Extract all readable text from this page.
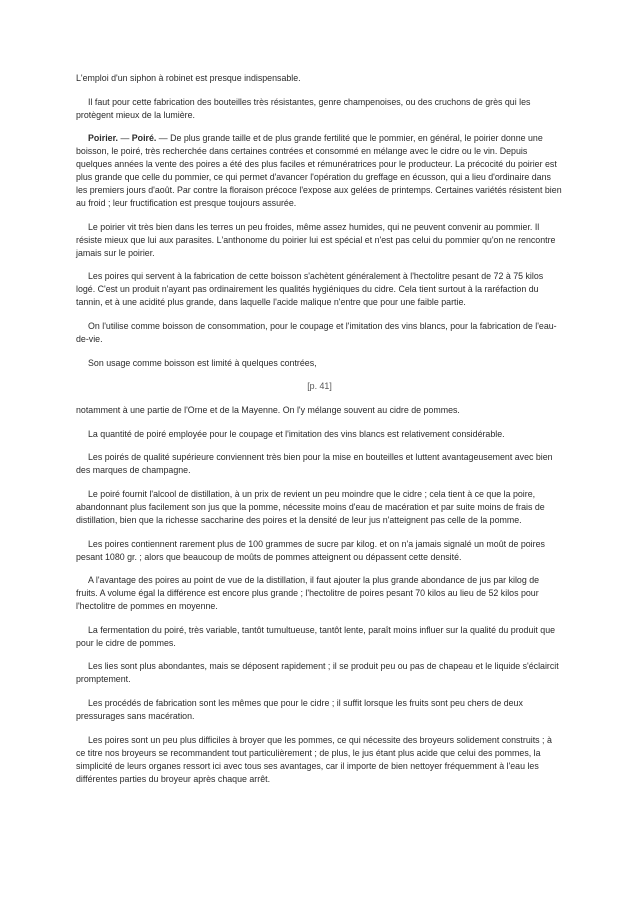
L'emploi d'un siphon à robinet est presque indispensable.

Il faut pour cette fabrication des bouteilles très résistantes, genre champenoises, ou des cruchons de grès qui les protègent mieux de la lumière.

Poirier. — Poiré. — De plus grande taille et de plus grande fertilité que le pommier, en général, le poirier donne une boisson, le poiré, très recherchée dans certaines contrées et consommé en mélange avec le cidre ou le vin. Depuis quelques années la vente des poires a été des plus faciles et rémunératrices pour le producteur. La précocité du poirier est plus grande que celle du pommier, ce qui permet d'avancer l'opération du greffage en écusson, qui a lieu d'ordinaire dans les premiers jours d'août. Par contre la floraison précoce l'expose aux gelées de printemps. Certaines variétés résistent bien au froid ; leur fructification est presque toujours assurée.

Le poirier vit très bien dans les terres un peu froides, même assez humides, qui ne peuvent convenir au pommier. Il résiste mieux que lui aux parasites. L'anthonome du poirier lui est spécial et n'est pas celui du pommier qu'on ne rencontre jamais sur le poirier.

Les poires qui servent à la fabrication de cette boisson s'achètent généralement à l'hectolitre pesant de 72 à 75 kilos logé. C'est un produit n'ayant pas ordinairement les qualités hygiéniques du cidre. Cela tient surtout à la raréfaction du tannin, et à une acidité plus grande, dans laquelle l'acide malique n'entre que pour une faible partie.

On l'utilise comme boisson de consommation, pour le coupage et l'imitation des vins blancs, pour la fabrication de l'eau-de-vie.

Son usage comme boisson est limité à quelques contrées,

[p. 41]

notamment à une partie de l'Orne et de la Mayenne. On l'y mélange souvent au cidre de pommes.

La quantité de poiré employée pour le coupage et l'imitation des vins blancs est relativement considérable.

Les poirés de qualité supérieure conviennent très bien pour la mise en bouteilles et luttent avantageusement avec bien des marques de champagne.

Le poiré fournit l'alcool de distillation, à un prix de revient un peu moindre que le cidre ; cela tient à ce que la poire, abandonnant plus facilement son jus que la pomme, nécessite moins d'eau de macération et par suite moins de frais de distillation, bien que la richesse saccharine des poires et la densité de leur jus n'atteignent pas celle de la pomme.

Les poires contiennent rarement plus de 100 grammes de sucre par kilog. et on n'a jamais signalé un moût de poires pesant 1080 gr. ; alors que beaucoup de moûts de pommes atteignent ou dépassent cette densité.

A l'avantage des poires au point de vue de la distillation, il faut ajouter la plus grande abondance de jus par kilog de fruits. A volume égal la différence est encore plus grande ; l'hectolitre de poires pesant 70 kilos au lieu de 52 kilos pour l'hectolitre de pommes en moyenne.

La fermentation du poiré, très variable, tantôt tumultueuse, tantôt lente, paraît moins influer sur la qualité du produit que pour le cidre de pommes.

Les lies sont plus abondantes, mais se déposent rapidement ; il se produit peu ou pas de chapeau et le liquide s'éclaircit promptement.

Les procédés de fabrication sont les mêmes que pour le cidre ; il suffit lorsque les fruits sont peu chers de deux pressurages sans macération.

Les poires sont un peu plus difficiles à broyer que les pommes, ce qui nécessite des broyeurs solidement construits ; à ce titre nos broyeurs se recommandent tout particulièrement ; de plus, le jus étant plus acide que celui des pommes, la simplicité de leurs organes ressort ici avec tous ses avantages, car il importe de bien nettoyer fréquemment à l'eau les différentes parties du broyeur après chaque arrêt.
